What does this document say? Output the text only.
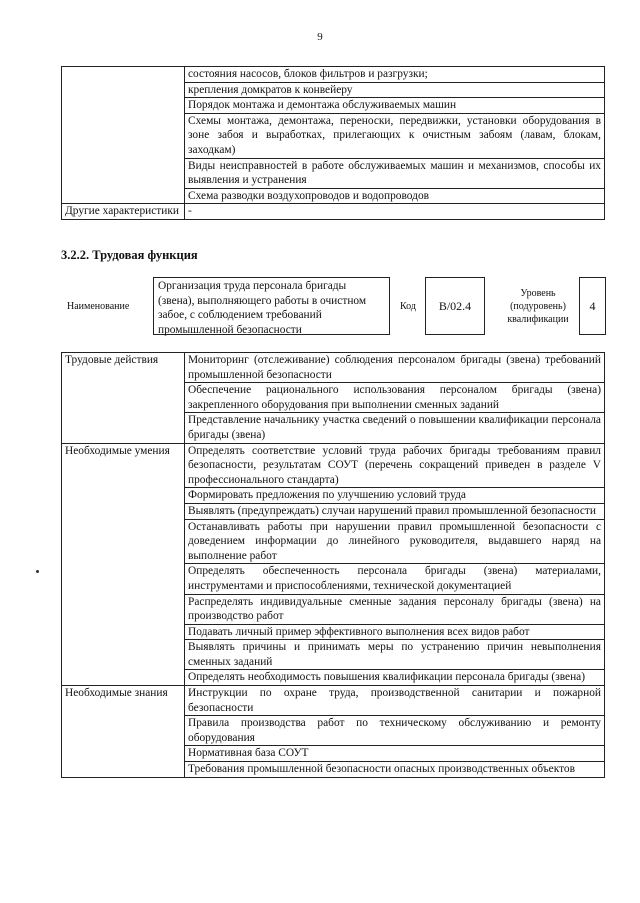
9
	состояния насосов, блоков фильтров и разгрузки;
	крепления домкратов к конвейеру
	Порядок монтажа и демонтажа обслуживаемых машин
	Схемы монтажа, демонтажа, переноски, передвижки, установки оборудования в зоне забоя и выработках, прилегающих к очистным забоям (лавам, блокам, заходкам)
	Виды неисправностей в работе обслуживаемых машин и механизмов, способы их выявления и устранения
	Схема разводки воздухопроводов и водопроводов
Другие характеристики	-
3.2.2. Трудовая функция
Наименование
Организация труда персонала бригады (звена), выполняющего работы в очистном забое, с соблюдением требований промышленной безопасности
Код	B/02.4
Уровень (подуровень) квалификации
4
Трудовые действия	Мониторинг (отслеживание) соблюдения персоналом бригады (звена) требований промышленной безопасности
	Обеспечение рационального использования персоналом бригады (звена) закрепленного оборудования при выполнении сменных заданий
	Представление начальнику участка сведений о повышении квалификации персонала бригады (звена)
Необходимые умения	Определять соответствие условий труда рабочих бригады требованиям правил безопасности, результатам СОУТ (перечень сокращений приведен в разделе V профессионального стандарта)
	Формировать предложения по улучшению условий труда
	Выявлять (предупреждать) случаи нарушений правил промышленной безопасности
	Останавливать работы при нарушении правил промышленной безопасности с доведением информации до линейного руководителя, выдавшего наряд на выполнение работ
	Определять обеспеченность персонала бригады (звена) материалами, инструментами и приспособлениями, технической документацией
	Распределять индивидуальные сменные задания персоналу бригады (звена) на производство работ
	Подавать личный пример эффективного выполнения всех видов работ
	Выявлять причины и принимать меры по устранению причин невыполнения сменных заданий
	Определять необходимость повышения квалификации персонала бригады (звена)
Необходимые знания	Инструкции по охране труда, производственной санитарии и пожарной безопасности
	Правила производства работ по техническому обслуживанию и ремонту оборудования
	Нормативная база СОУТ
	Требования промышленной безопасности опасных производственных объектов
